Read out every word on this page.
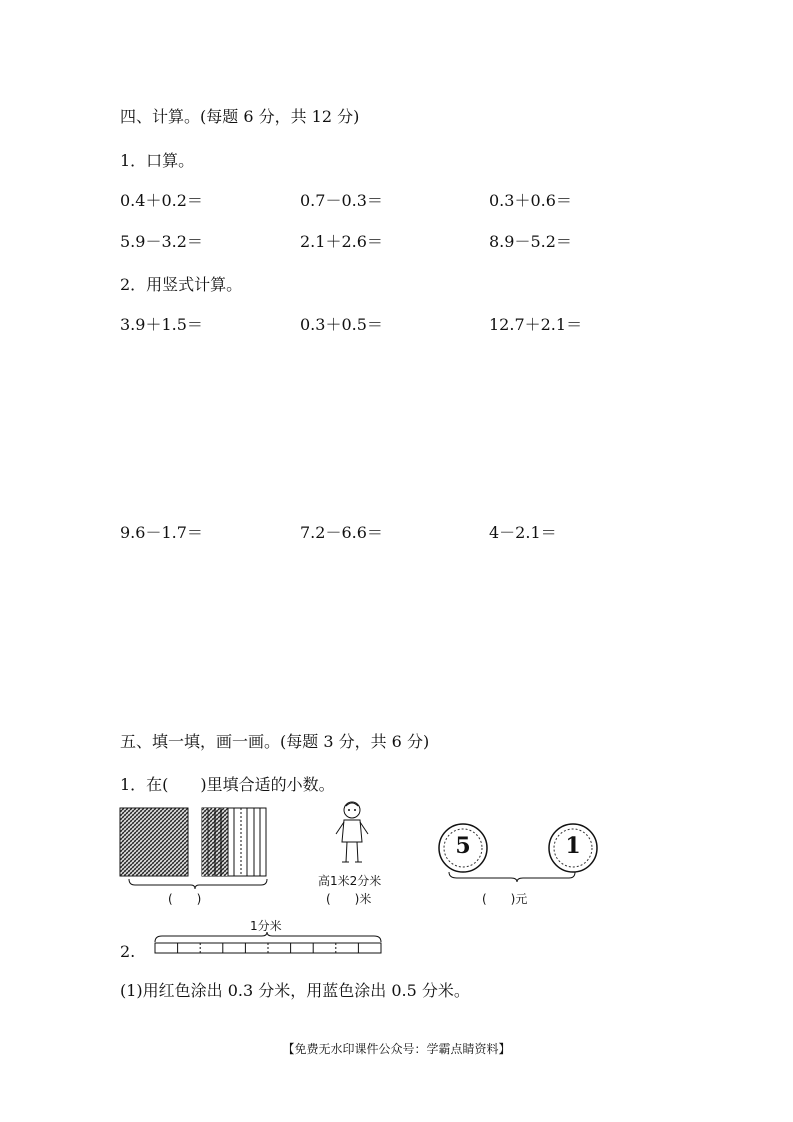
四、计算。(每题 6 分，共 12 分)
1．口算。
0.4＋0.2＝	0.7－0.3＝	0.3＋0.6＝
5.9－3.2＝	2.1＋2.6＝	8.9－5.2＝
2．用竖式计算。
3.9＋1.5＝	0.3＋0.5＝	12.7＋2.1＝
9.6－1.7＝	7.2－6.6＝	4－2.1＝
五、填一填，画一画。(每题 3 分，共 6 分)
1．在(　　)里填合适的小数。
(　　)
高1米2分米
(　　)米
5	1
(　　)元
1分米
2.
(1)用红色涂出 0.3 分米，用蓝色涂出 0.5 分米。
【免费无水印课件公众号：学霸点睛资料】
